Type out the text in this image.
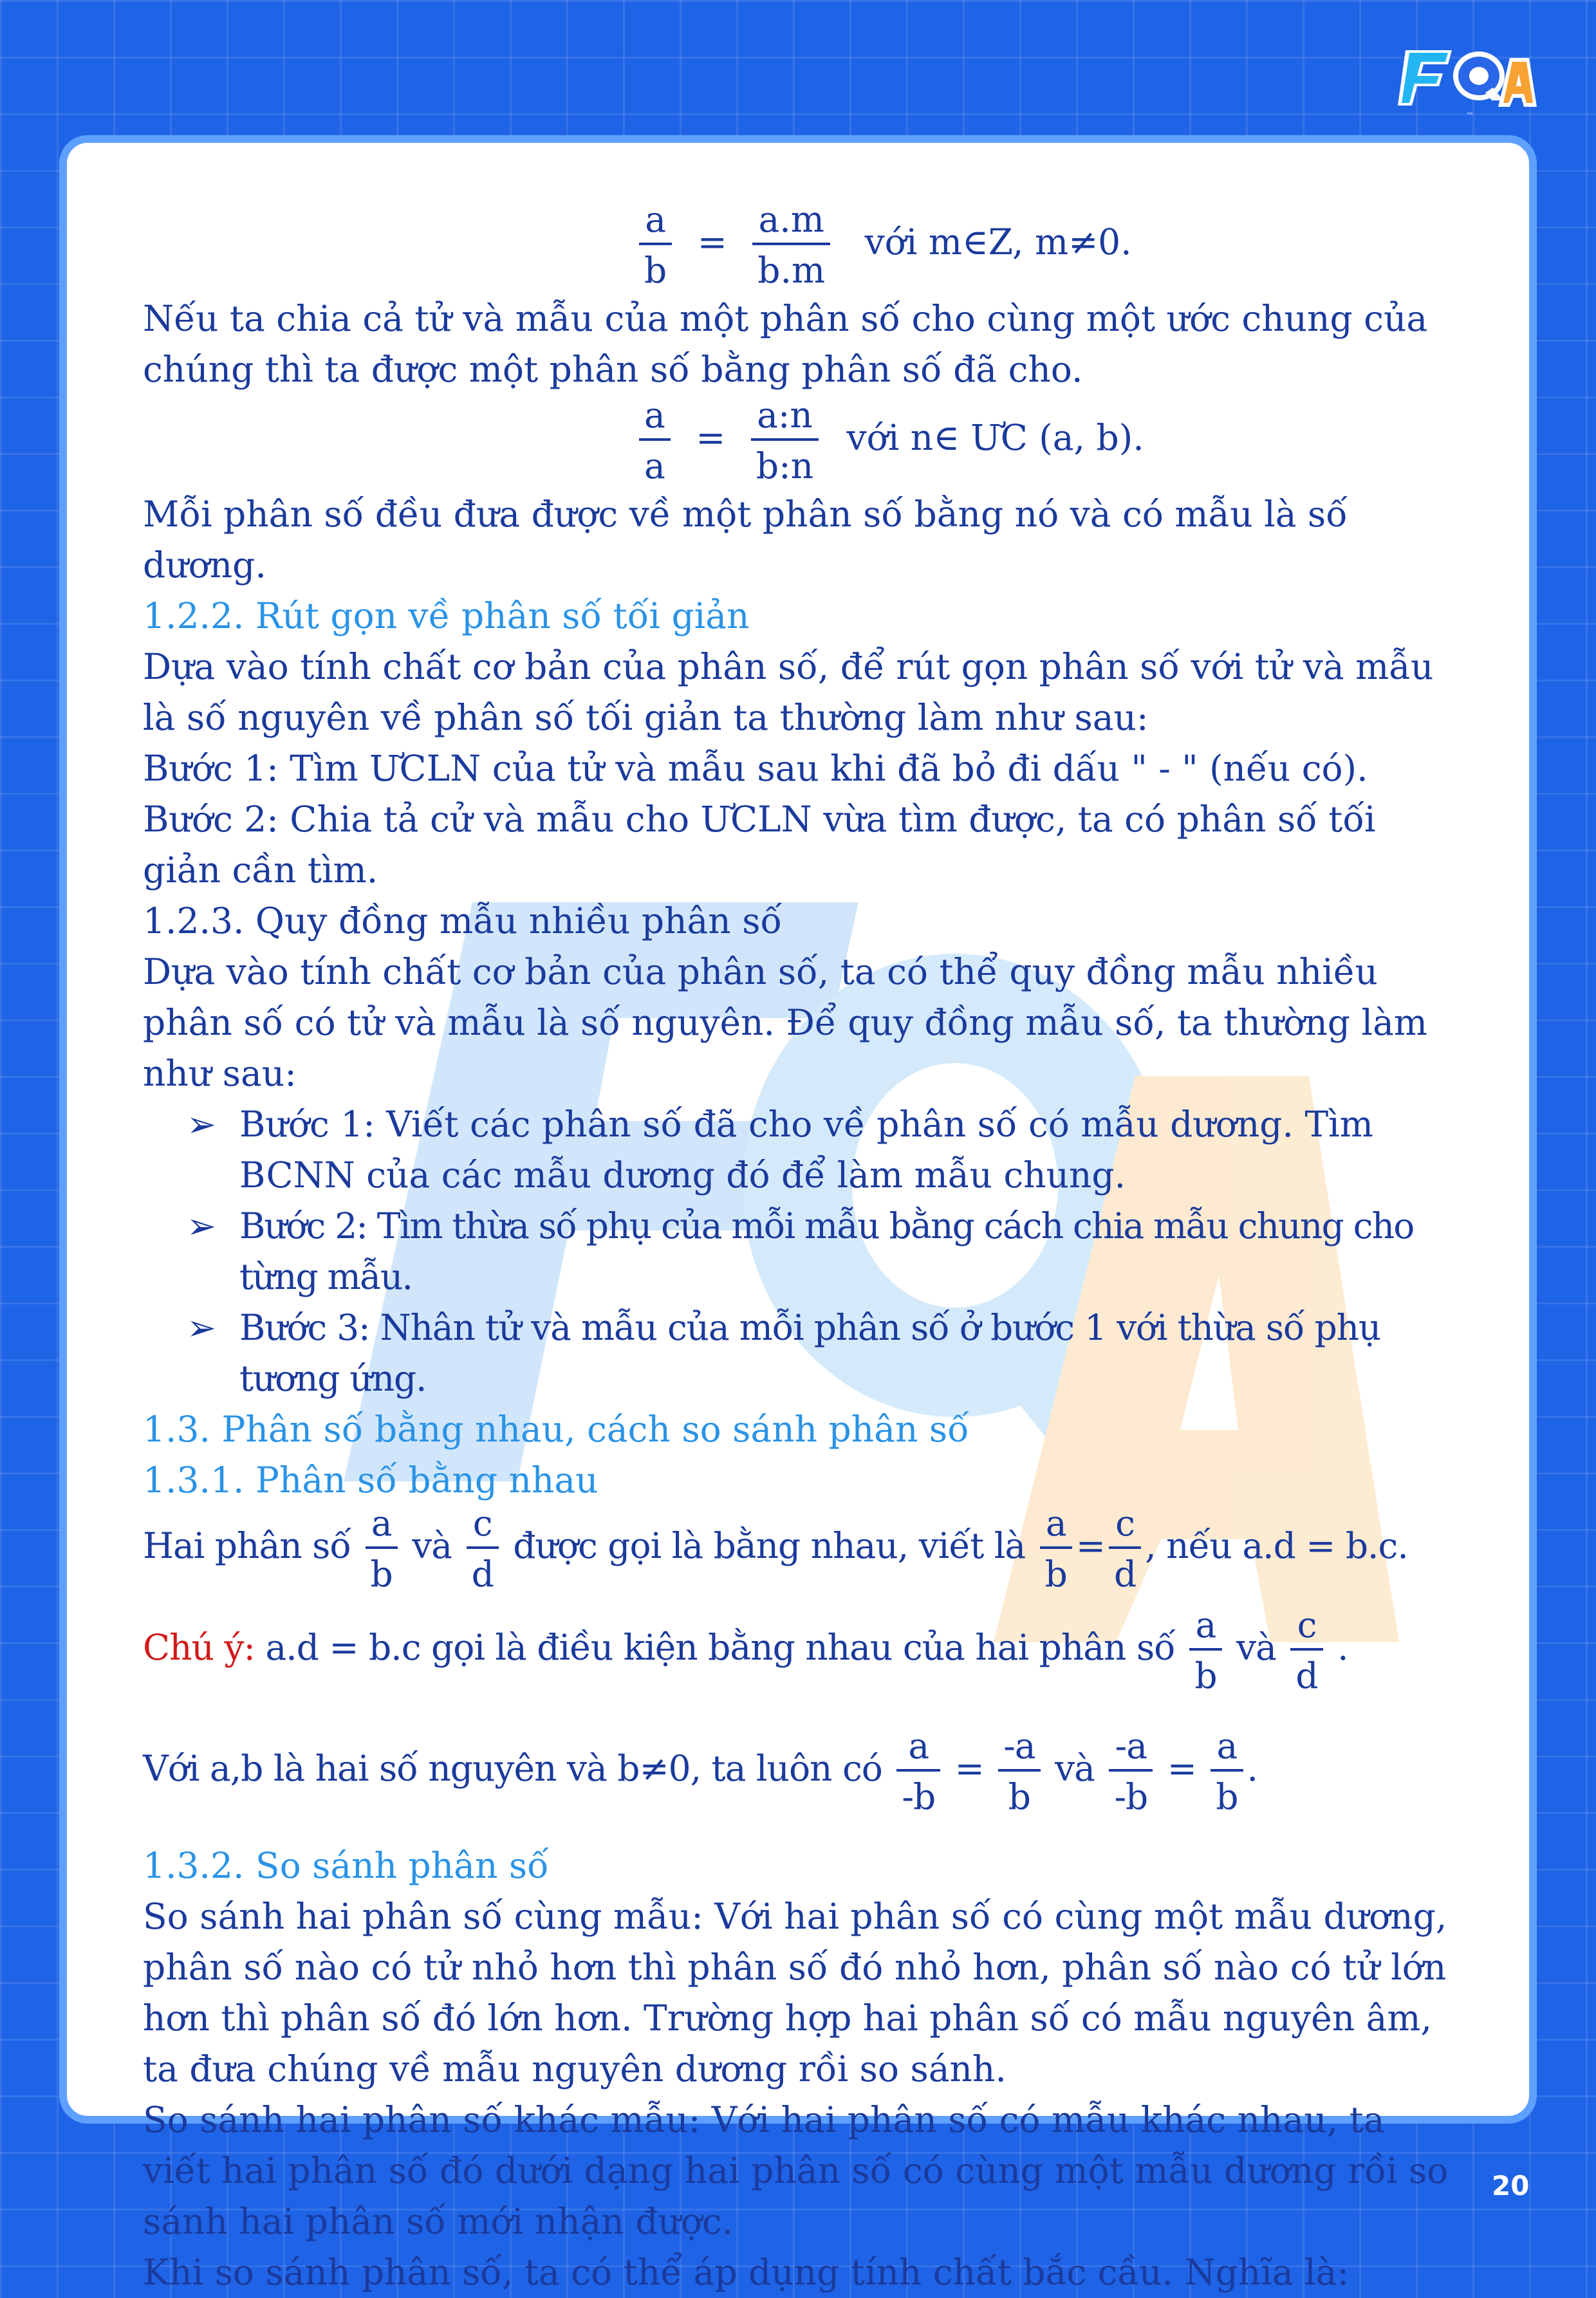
FQA
$\frac{a}{b} = \frac{a.m}{b.m}$ với m∈Z, m≠0.

Nếu ta chia cả tử và mẫu của một phân số cho cùng một ước chung của chúng thì ta được một phân số bằng phân số đã cho.

$\frac{a}{a} = \frac{a:n}{b:n}$ với n∈ ƯC (a, b).

Mỗi phân số đều đưa được về một phân số bằng nó và có mẫu là số dương.

1.2.2. Rút gọn về phân số tối giản

Dựa vào tính chất cơ bản của phân số, để rút gọn phân số với tử và mẫu là số nguyên về phân số tối giản ta thường làm như sau:

Bước 1: Tìm ƯCLN của tử và mẫu sau khi đã bỏ đi dấu " - " (nếu có).

Bước 2: Chia tả cử và mẫu cho ƯCLN vừa tìm được, ta có phân số tối giản cần tìm.

1.2.3. Quy đồng mẫu nhiều phân số

Dựa vào tính chất cơ bản của phân số, ta có thể quy đồng mẫu nhiều phân số có tử và mẫu là số nguyên. Để quy đồng mẫu số, ta thường làm như sau:

➢ Bước 1: Viết các phân số đã cho về phân số có mẫu dương. Tìm BCNN của các mẫu dương đó để làm mẫu chung.
➢ Bước 2: Tìm thừa số phụ của mỗi mẫu bằng cách chia mẫu chung cho từng mẫu.
➢ Bước 3: Nhân tử và mẫu của mỗi phân số ở bước 1 với thừa số phụ tương ứng.

1.3. Phân số bằng nhau, cách so sánh phân số

1.3.1. Phân số bằng nhau

Hai phân số $\frac{a}{b}$ và $\frac{c}{d}$ được gọi là bằng nhau, viết là $\frac{a}{b} = \frac{c}{d}$ , nếu a.d = b.c.
Chú ý: a.d = b.c gọi là điều kiện bằng nhau của hai phân số $\frac{a}{b}$ và $\frac{c}{d}$ .
Với a,b là hai số nguyên và b≠0, ta luôn có $\frac{a}{-b} = \frac{-a}{b}$ và $\frac{-a}{-b} = \frac{a}{b}$ .

1.3.2. So sánh phân số

So sánh hai phân số cùng mẫu: Với hai phân số có cùng một mẫu dương, phân số nào có tử nhỏ hơn thì phân số đó nhỏ hơn, phân số nào có tử lớn hơn thì phân số đó lớn hơn. Trường hợp hai phân số có mẫu nguyên âm, ta đưa chúng về mẫu nguyên dương rồi so sánh.

So sánh hai phân số khác mẫu: Với hai phân số có mẫu khác nhau, ta viết hai phân số đó dưới dạng hai phân số có cùng một mẫu dương rồi so sánh hai phân số mới nhận được.

Khi so sánh phân số, ta có thể áp dụng tính chất bắc cầu. Nghĩa là:

20
